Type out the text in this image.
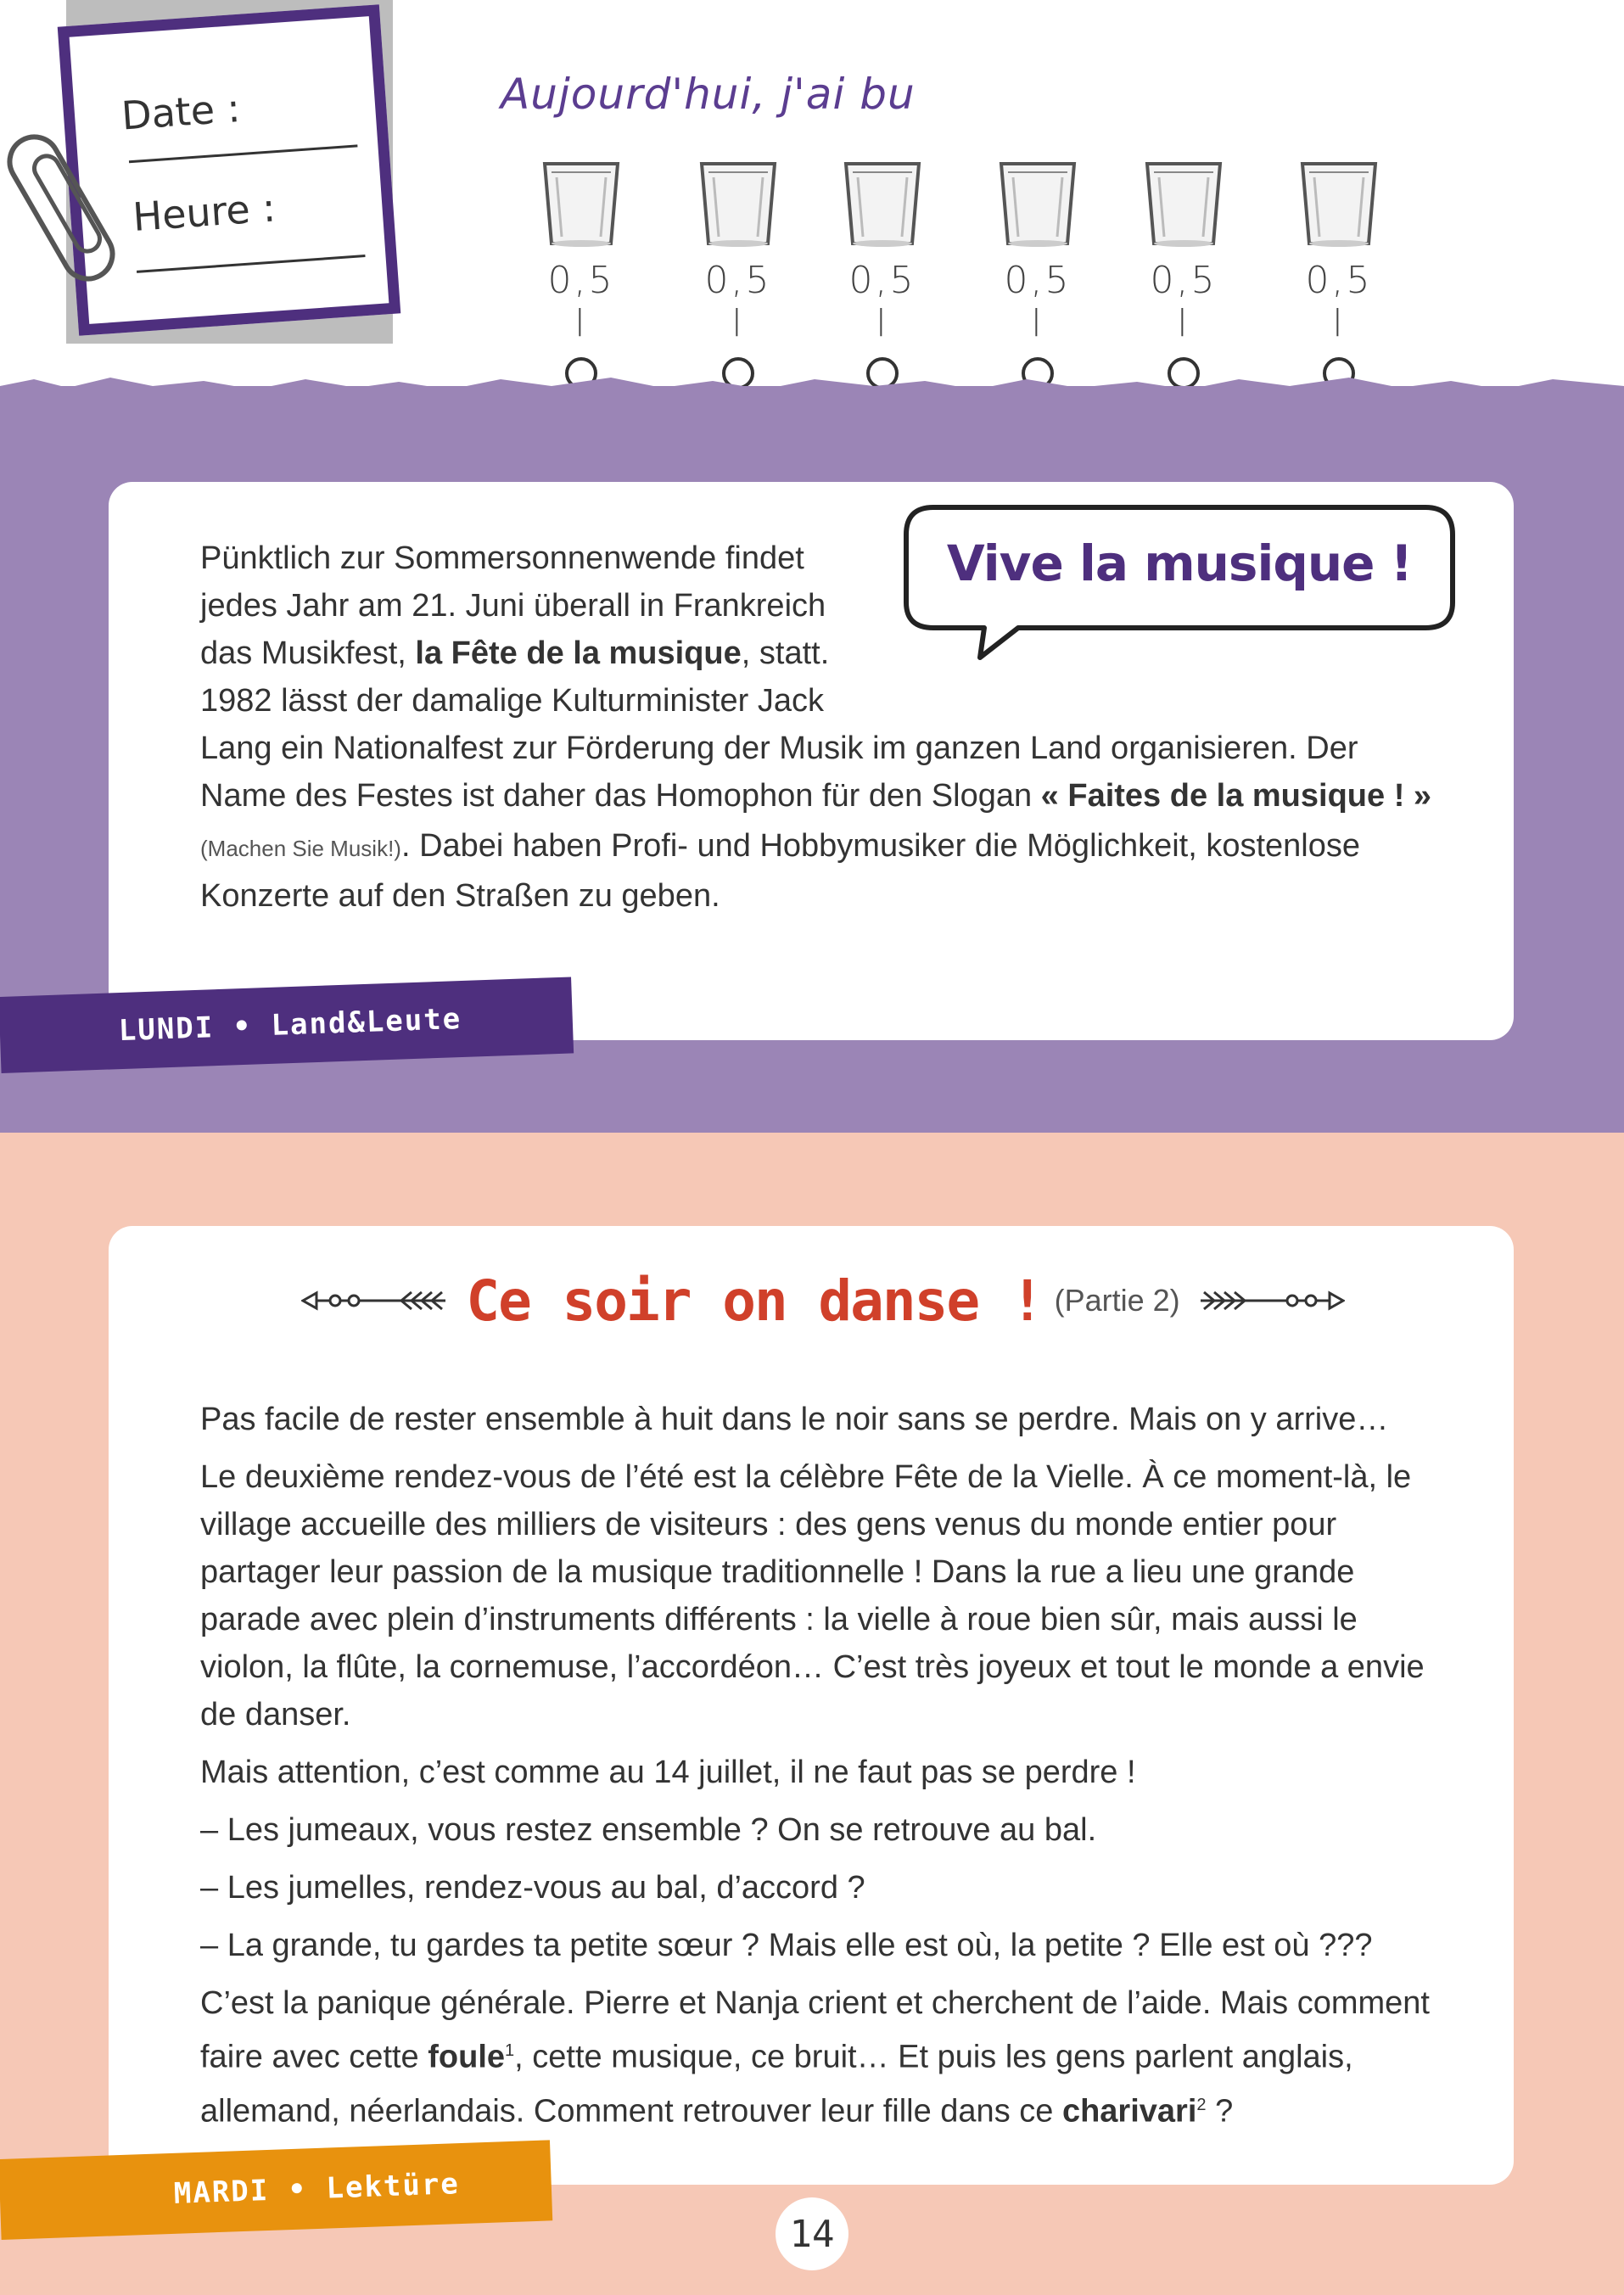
Date :
Heure :
Aujourd'hui, j'ai bu
0,5 l
0,5 l
0,5 l
0,5 l
0,5 l
0,5 l
Vive la musique !
Pünktlich zur Sommersonnenwende findet jedes Jahr am 21. Juni überall in Frankreich das Musikfest, la Fête de la musique, statt. 1982 lässt der damalige Kulturminister Jack Lang ein Nationalfest zur Förderung der Musik im ganzen Land organisieren. Der Name des Festes ist daher das Homophon für den Slogan « Faites de la musique ! » (Machen Sie Musik!). Dabei haben Profi- und Hobbymusiker die Möglichkeit, kostenlose Konzerte auf den Straßen zu geben.
LUNDI • Land&Leute
Ce soir on danse ! (Partie 2)

Pas facile de rester ensemble à huit dans le noir sans se perdre. Mais on y arrive…

Le deuxième rendez-vous de l’été est la célèbre Fête de la Vielle. À ce moment-là, le village accueille des milliers de visiteurs : des gens venus du monde entier pour partager leur passion de la musique traditionnelle ! Dans la rue a lieu une grande parade avec plein d’instruments différents : la vielle à roue bien sûr, mais aussi le violon, la flûte, la cornemuse, l’accordéon… C’est très joyeux et tout le monde a envie de danser.

Mais attention, c’est comme au 14 juillet, il ne faut pas se perdre !

– Les jumeaux, vous restez ensemble ? On se retrouve au bal.

– Les jumelles, rendez-vous au bal, d’accord ?

– La grande, tu gardes ta petite sœur ? Mais elle est où, la petite ? Elle est où ???

C’est la panique générale. Pierre et Nanja crient et cherchent de l’aide. Mais comment faire avec cette foule$^1$, cette musique, ce bruit… Et puis les gens parlent anglais, allemand, néerlandais. Comment retrouver leur fille dans ce charivari$^2$ ?

MARDI • Lektüre
14
